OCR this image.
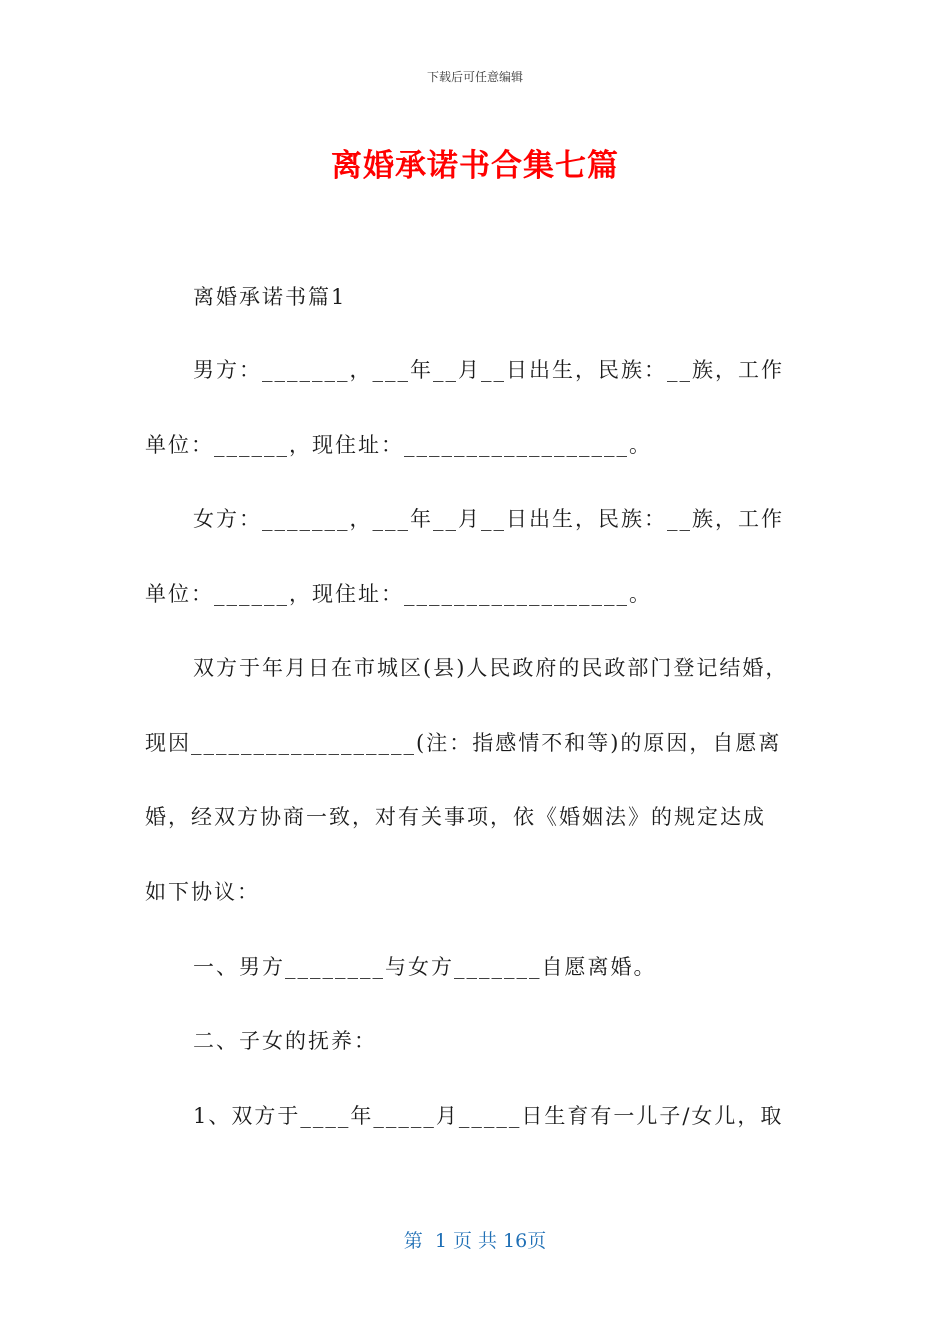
下载后可任意编辑
离婚承诺书合集七篇
离婚承诺书篇1
男方：_______，___年__月__日出生，民族：__族，工作
单位：______，现住址：__________________。
女方：_______，___年__月__日出生，民族：__族，工作
单位：______，现住址：__________________。
双方于年月日在市城区(县)人民政府的民政部门登记结婚，
现因__________________(注：指感情不和等)的原因，自愿离
婚，经双方协商一致，对有关事项，依《婚姻法》的规定达成
如下协议：
一、男方________与女方_______自愿离婚。
二、子女的抚养：
1、双方于____年_____月_____日生育有一儿子/女儿，取
第  1 页 共 16页
